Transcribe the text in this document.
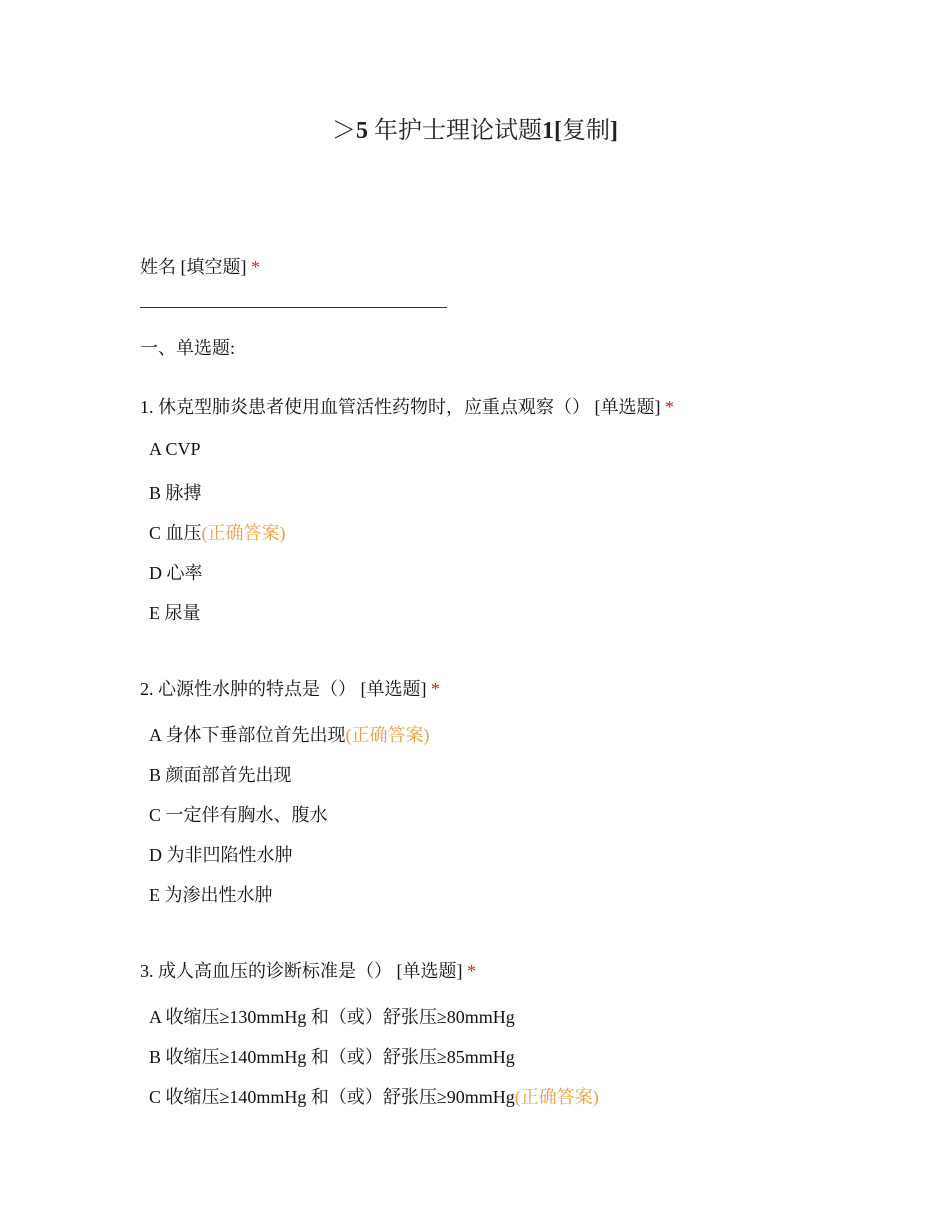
＞5 年护士理论试题1[复制]
姓名 [填空题] *
一、单选题:
1. 休克型肺炎患者使用血管活性药物时，应重点观察（） [单选题] *
A CVP
B 脉搏
C 血压(正确答案)
D 心率
E 尿量
2. 心源性水肿的特点是（） [单选题] *
A 身体下垂部位首先出现(正确答案)
B 颜面部首先出现
C 一定伴有胸水、腹水
D 为非凹陷性水肿
E 为渗出性水肿
3. 成人高血压的诊断标准是（） [单选题] *
A 收缩压≥130mmHg 和（或）舒张压≥80mmHg
B 收缩压≥140mmHg 和（或）舒张压≥85mmHg
C 收缩压≥140mmHg 和（或）舒张压≥90mmHg(正确答案)
